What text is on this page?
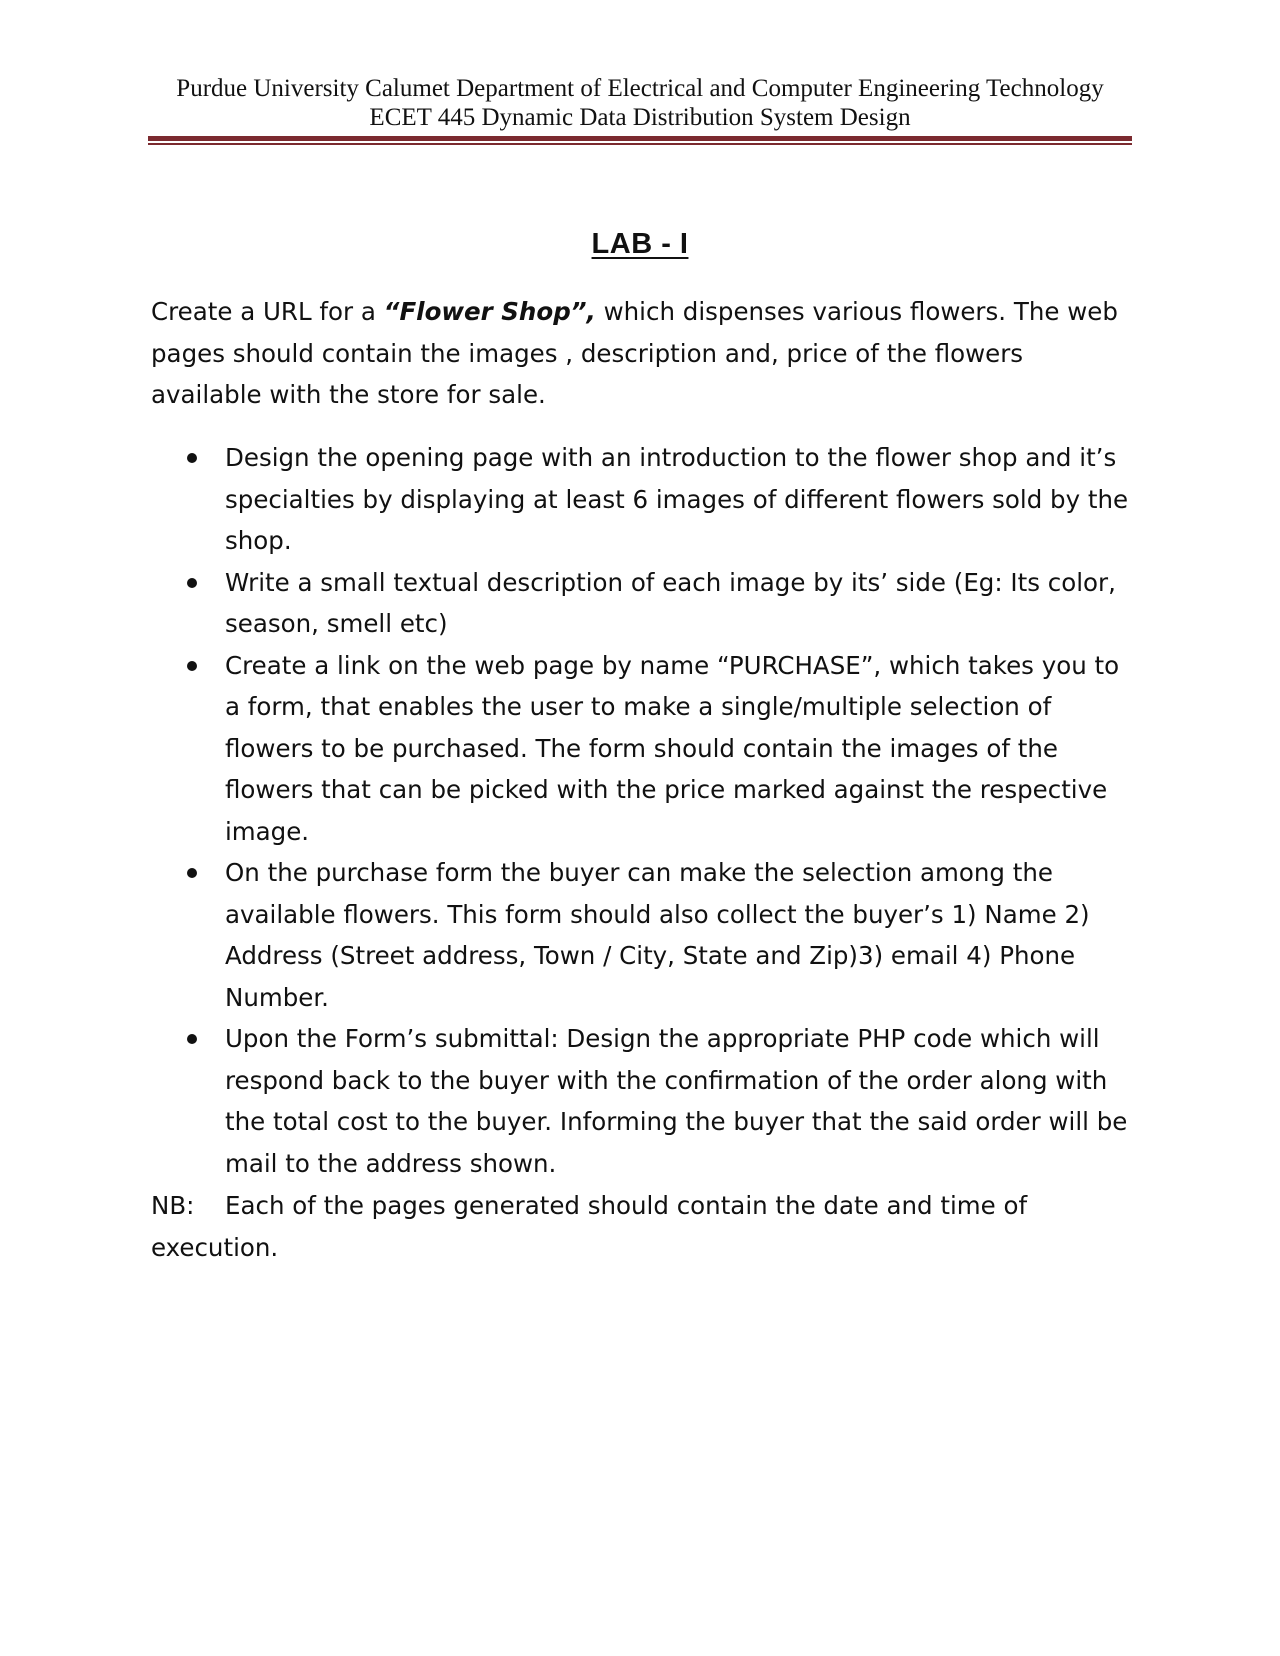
Purdue University Calumet Department of Electrical and Computer Engineering Technology
ECET 445 Dynamic Data Distribution System Design
LAB - I

Create a URL for a “Flower Shop”, which dispenses various flowers. The web pages should contain the images , description and, price of the flowers available with the store for sale.

Design the opening page with an introduction to the flower shop and it’s specialties by displaying at least 6 images of different flowers sold by the shop.
Write a small textual description of each image by its’ side (Eg: Its color, season, smell etc)
Create a link on the web page by name “PURCHASE”, which takes you to a form, that enables the user to make a single/multiple selection of flowers to be purchased. The form should contain the images of the flowers that can be picked with the price marked against the respective image.
On the purchase form the buyer can make the selection among the available flowers. This form should also collect the buyer’s 1) Name 2) Address (Street address, Town / City, State and Zip)3) email 4) Phone Number.
Upon the Form’s submittal: Design the appropriate PHP code which will respond back to the buyer with the confirmation of the order along with the total cost to the buyer. Informing the buyer that the said order will be mail to the address shown.

NB: Each of the pages generated should contain the date and time of execution.
